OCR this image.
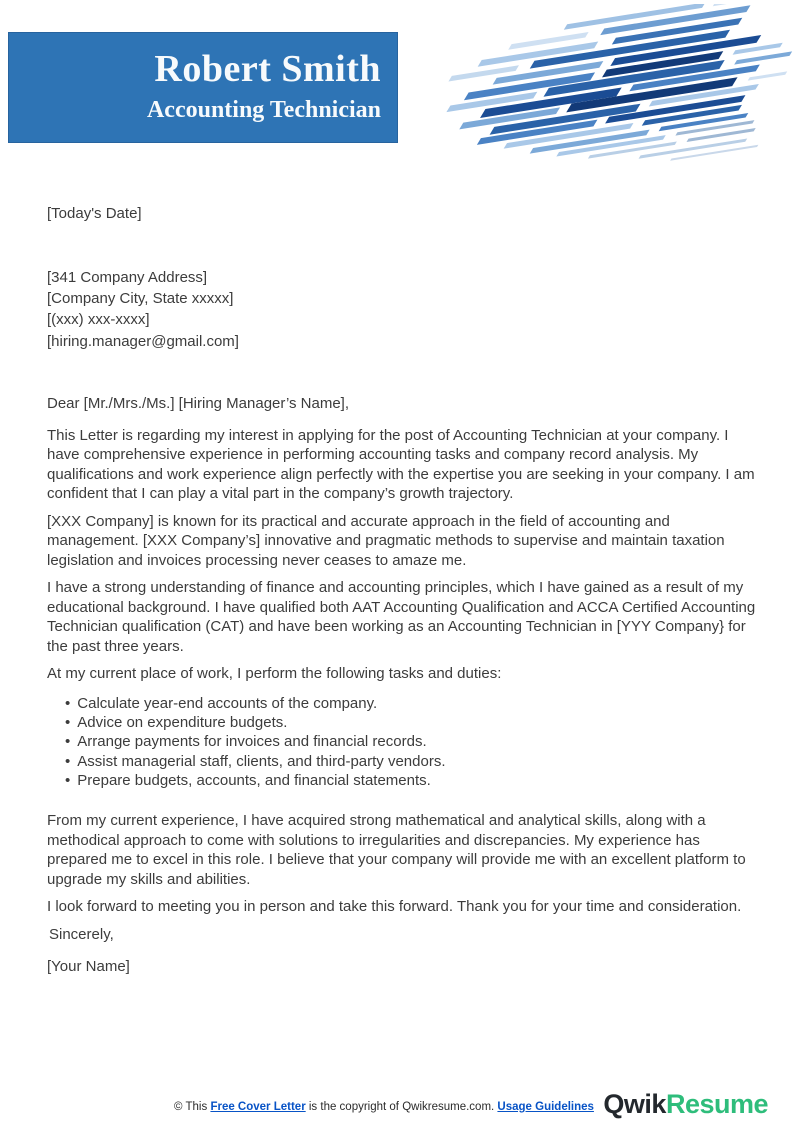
Robert Smith
Accounting Technician

[Today's Date]

[341 Company Address]

[Company City, State xxxxx]

[(xxx) xxx-xxxx]

[hiring.manager@gmail.com]

Dear [Mr./Mrs./Ms.] [Hiring Manager’s Name],

This Letter is regarding my interest in applying for the post of Accounting Technician at your company. I have comprehensive experience in performing accounting tasks and company record analysis. My qualifications and work experience align perfectly with the expertise you are seeking in your company. I am confident that I can play a vital part in the company’s growth trajectory.

[XXX Company] is known for its practical and accurate approach in the field of accounting and management. [XXX Company’s] innovative and pragmatic methods to supervise and maintain taxation legislation and invoices processing never ceases to amaze me.

I have a strong understanding of finance and accounting principles, which I have gained as a result of my educational background. I have qualified both AAT Accounting Qualification and ACCA Certified Accounting Technician qualification (CAT) and have been working as an Accounting Technician in [YYY Company} for the past three years.

At my current place of work, I perform the following tasks and duties:

• Calculate year-end accounts of the company.
• Advice on expenditure budgets.
• Arrange payments for invoices and financial records.
• Assist managerial staff, clients, and third-party vendors.
• Prepare budgets, accounts, and financial statements.

From my current experience, I have acquired strong mathematical and analytical skills, along with a methodical approach to come with solutions to irregularities and discrepancies. My experience has prepared me to excel in this role. I believe that your company will provide me with an excellent platform to upgrade my skills and abilities.

I look forward to meeting you in person and take this forward. Thank you for your time and consideration.

Sincerely,

[Your Name]

© This Free Cover Letter is the copyright of Qwikresume.com. Usage Guidelines QwikResume
